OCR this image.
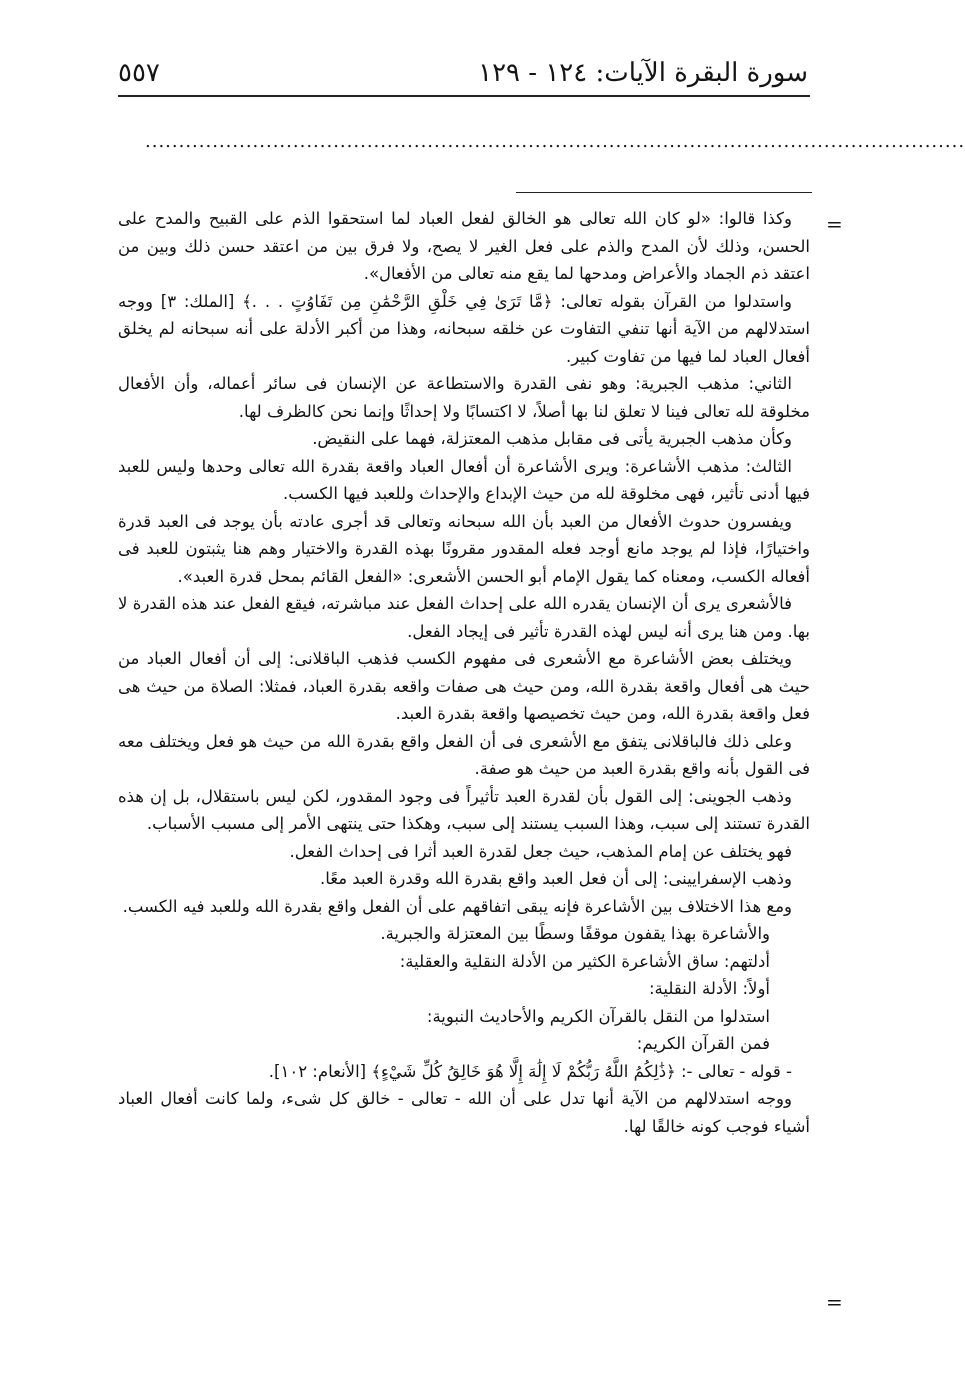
سورة البقرة الآيات: ١٢٤ - ١٢٩
٥٥٧
..........................................................................................................................
=
=

وكذا قالوا: «لو كان الله تعالى هو الخالق لفعل العباد لما استحقوا الذم على القبيح والمدح على الحسن، وذلك لأن المدح والذم على فعل الغير لا يصح، ولا فرق بين من اعتقد حسن ذلك وبين من اعتقد ذم الجماد والأعراض ومدحها لما يقع منه تعالى من الأفعال».

واستدلوا من القرآن بقوله تعالى: ﴿مَّا تَرَىٰ فِي خَلْقِ الرَّحْمَٰنِ مِن تَفَاوُتٍ . . .﴾ [الملك: ٣] ووجه استدلالهم من الآية أنها تنفي التفاوت عن خلقه سبحانه، وهذا من أكبر الأدلة على أنه سبحانه لم يخلق أفعال العباد لما فيها من تفاوت كبير.

الثاني: مذهب الجبرية: وهو نفى القدرة والاستطاعة عن الإنسان فى سائر أعماله، وأن الأفعال مخلوقة لله تعالى فينا لا تعلق لنا بها أصلاً، لا اكتسابًا ولا إحداثًا وإنما نحن كالظرف لها.

وكأن مذهب الجبرية يأتى فى مقابل مذهب المعتزلة، فهما على النقيض.

الثالث: مذهب الأشاعرة: ويرى الأشاعرة أن أفعال العباد واقعة بقدرة الله تعالى وحدها وليس للعبد فيها أدنى تأثير، فهى مخلوقة لله من حيث الإبداع والإحداث وللعبد فيها الكسب.

ويفسرون حدوث الأفعال من العبد بأن الله سبحانه وتعالى قد أجرى عادته بأن يوجد فى العبد قدرة واختيارًا، فإذا لم يوجد مانع أوجد فعله المقدور مقرونًا بهذه القدرة والاختيار وهم هنا يثبتون للعبد فى أفعاله الكسب، ومعناه كما يقول الإمام أبو الحسن الأشعرى: «الفعل القائم بمحل قدرة العبد».

فالأشعرى يرى أن الإنسان يقدره الله على إحداث الفعل عند مباشرته، فيقع الفعل عند هذه القدرة لا بها. ومن هنا يرى أنه ليس لهذه القدرة تأثير فى إيجاد الفعل.

ويختلف بعض الأشاعرة مع الأشعرى فى مفهوم الكسب فذهب الباقلانى: إلى أن أفعال العباد من حيث هى أفعال واقعة بقدرة الله، ومن حيث هى صفات واقعه بقدرة العباد، فمثلا: الصلاة من حيث هى فعل واقعة بقدرة الله، ومن حيث تخصيصها واقعة بقدرة العبد.

وعلى ذلك فالباقلانى يتفق مع الأشعرى فى أن الفعل واقع بقدرة الله من حيث هو فعل ويختلف معه فى القول بأنه واقع بقدرة العبد من حيث هو صفة.

وذهب الجوينى: إلى القول بأن لقدرة العبد تأثيراً فى وجود المقدور، لكن ليس باستقلال، بل إن هذه القدرة تستند إلى سبب، وهذا السبب يستند إلى سبب، وهكذا حتى ينتهى الأمر إلى مسبب الأسباب.

فهو يختلف عن إمام المذهب، حيث جعل لقدرة العبد أثرا فى إحداث الفعل.

وذهب الإسفرايينى: إلى أن فعل العبد واقع بقدرة الله وقدرة العبد معًا.

ومع هذا الاختلاف بين الأشاعرة فإنه يبقى اتفاقهم على أن الفعل واقع بقدرة الله وللعبد فيه الكسب.

والأشاعرة بهذا يقفون موقفًا وسطًا بين المعتزلة والجبرية.

أدلتهم: ساق الأشاعرة الكثير من الأدلة النقلية والعقلية:

أولاً: الأدلة النقلية:

استدلوا من النقل بالقرآن الكريم والأحاديث النبوية:

فمن القرآن الكريم:

- قوله - تعالى -: ﴿ذَٰلِكُمُ اللَّهُ رَبُّكُمْ لَا إِلَٰهَ إِلَّا هُوَ خَالِقُ كُلِّ شَيْءٍ﴾ [الأنعام: ١٠٢].

ووجه استدلالهم من الآية أنها تدل على أن الله - تعالى - خالق كل شىء، ولما كانت أفعال العباد أشياء فوجب كونه خالقًا لها.
